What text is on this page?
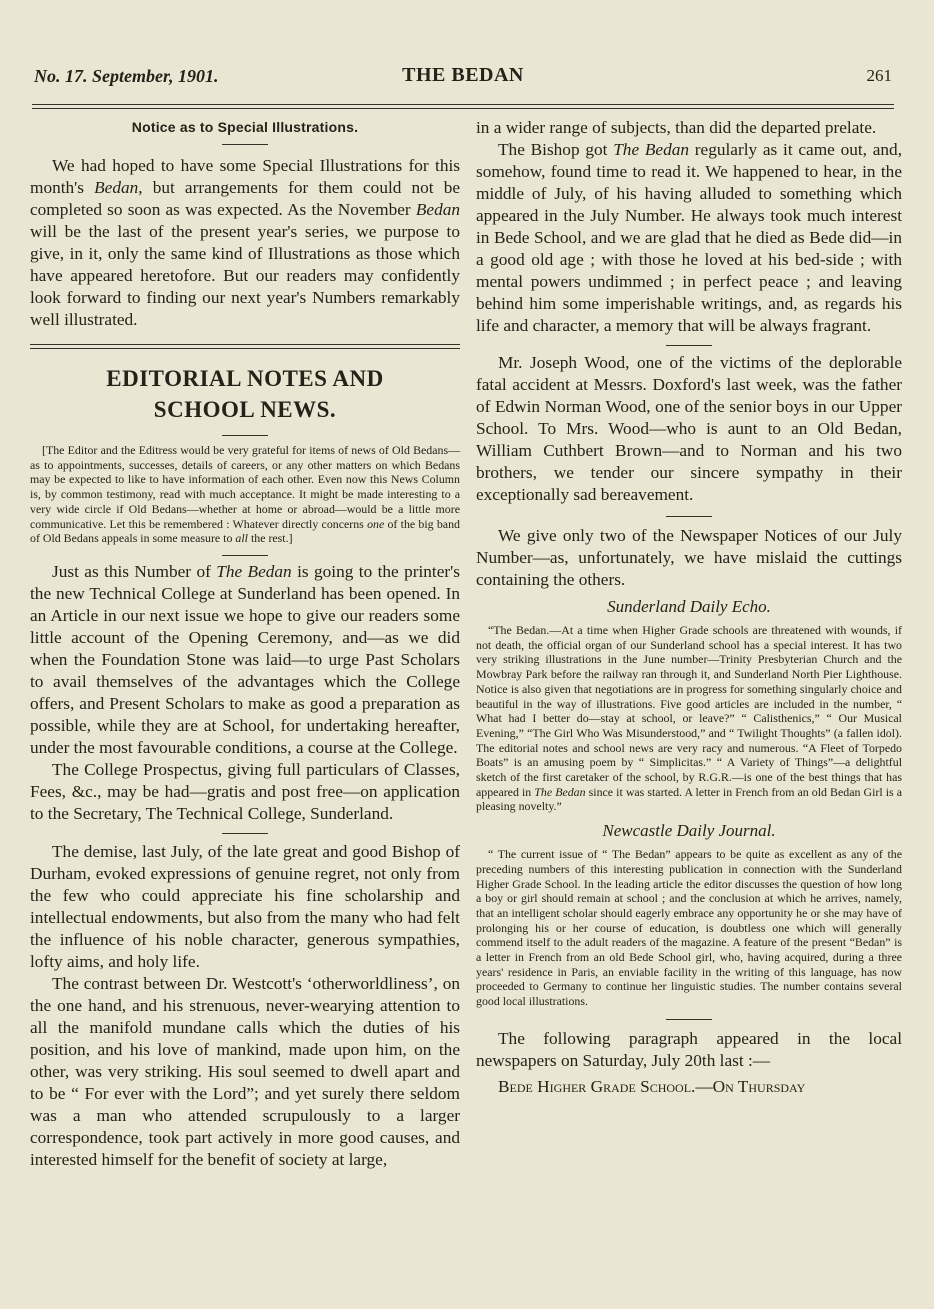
No. 17. September, 1901.	THE BEDAN	261
Notice as to Special Illustrations.

We had hoped to have some Special Illustrations for this month's Bedan, but arrangements for them could not be completed so soon as was expected. As the November Bedan will be the last of the present year's series, we purpose to give, in it, only the same kind of Illustrations as those which have appeared heretofore. But our readers may confidently look forward to finding our next year's Numbers remarkably well illustrated.

EDITORIAL NOTES AND
SCHOOL NEWS.

[The Editor and the Editress would be very grateful for items of news of Old Bedans—as to appointments, successes, details of careers, or any other matters on which Bedans may be expected to like to have information of each other. Even now this News Column is, by common testimony, read with much acceptance. It might be made interesting to a very wide circle if Old Bedans—whether at home or abroad—would be a little more communicative. Let this be remembered : Whatever directly concerns one of the big band of Old Bedans appeals in some measure to all the rest.]

Just as this Number of The Bedan is going to the printer's the new Technical College at Sunderland has been opened. In an Article in our next issue we hope to give our readers some little account of the Opening Ceremony, and—as we did when the Foundation Stone was laid—to urge Past Scholars to avail themselves of the advantages which the College offers, and Present Scholars to make as good a preparation as possible, while they are at School, for undertaking hereafter, under the most favourable conditions, a course at the College.

The College Prospectus, giving full particulars of Classes, Fees, &c., may be had—gratis and post free—on application to the Secretary, The Technical College, Sunderland.

The demise, last July, of the late great and good Bishop of Durham, evoked expressions of genuine regret, not only from the few who could appreciate his fine scholarship and intellectual endowments, but also from the many who had felt the influence of his noble character, generous sympathies, lofty aims, and holy life.

The contrast between Dr. Westcott's ‘otherworldliness’, on the one hand, and his strenuous, never-wearying attention to all the manifold mundane calls which the duties of his position, and his love of mankind, made upon him, on the other, was very striking. His soul seemed to dwell apart and to be “ For ever with the Lord”; and yet surely there seldom was a man who attended scrupulously to a larger correspondence, took part actively in more good causes, and interested himself for the benefit of society at large,

in a wider range of subjects, than did the departed prelate.

The Bishop got The Bedan regularly as it came out, and, somehow, found time to read it. We happened to hear, in the middle of July, of his having alluded to something which appeared in the July Number. He always took much interest in Bede School, and we are glad that he died as Bede did—in a good old age ; with those he loved at his bed-side ; with mental powers undimmed ; in perfect peace ; and leaving behind him some imperishable writings, and, as regards his life and character, a memory that will be always fragrant.

Mr. Joseph Wood, one of the victims of the deplorable fatal accident at Messrs. Doxford's last week, was the father of Edwin Norman Wood, one of the senior boys in our Upper School. To Mrs. Wood—who is aunt to an Old Bedan, William Cuthbert Brown—and to Norman and his two brothers, we tender our sincere sympathy in their exceptionally sad bereavement.

We give only two of the Newspaper Notices of our July Number—as, unfortunately, we have mislaid the cuttings containing the others.

Sunderland Daily Echo.

“The Bedan.—At a time when Higher Grade schools are threatened with wounds, if not death, the official organ of our Sunderland school has a special interest. It has two very striking illustrations in the June number—Trinity Presbyterian Church and the Mowbray Park before the railway ran through it, and Sunderland North Pier Lighthouse. Notice is also given that negotiations are in progress for something singularly choice and beautiful in the way of illustrations. Five good articles are included in the number, “ What had I better do—stay at school, or leave?” “ Calisthenics,” “ Our Musical Evening,” “The Girl Who Was Misunderstood,” and “ Twilight Thoughts” (a fallen idol). The editorial notes and school news are very racy and numerous. “A Fleet of Torpedo Boats” is an amusing poem by “ Simplicitas.” “ A Variety of Things”—a delightful sketch of the first caretaker of the school, by R.G.R.—is one of the best things that has appeared in The Bedan since it was started. A letter in French from an old Bedan Girl is a pleasing novelty.”

Newcastle Daily Journal.

“ The current issue of “ The Bedan” appears to be quite as excellent as any of the preceding numbers of this interesting publication in connection with the Sunderland Higher Grade School. In the leading article the editor discusses the question of how long a boy or girl should remain at school ; and the conclusion at which he arrives, namely, that an intelligent scholar should eagerly embrace any opportunity he or she may have of prolonging his or her course of education, is doubtless one which will generally commend itself to the adult readers of the magazine. A feature of the present “Bedan” is a letter in French from an old Bede School girl, who, having acquired, during a three years' residence in Paris, an enviable facility in the writing of this language, has now proceeded to Germany to continue her linguistic studies. The number contains several good local illustrations.

The following paragraph appeared in the local newspapers on Saturday, July 20th last :—

Bede Higher Grade School.—On Thursday
